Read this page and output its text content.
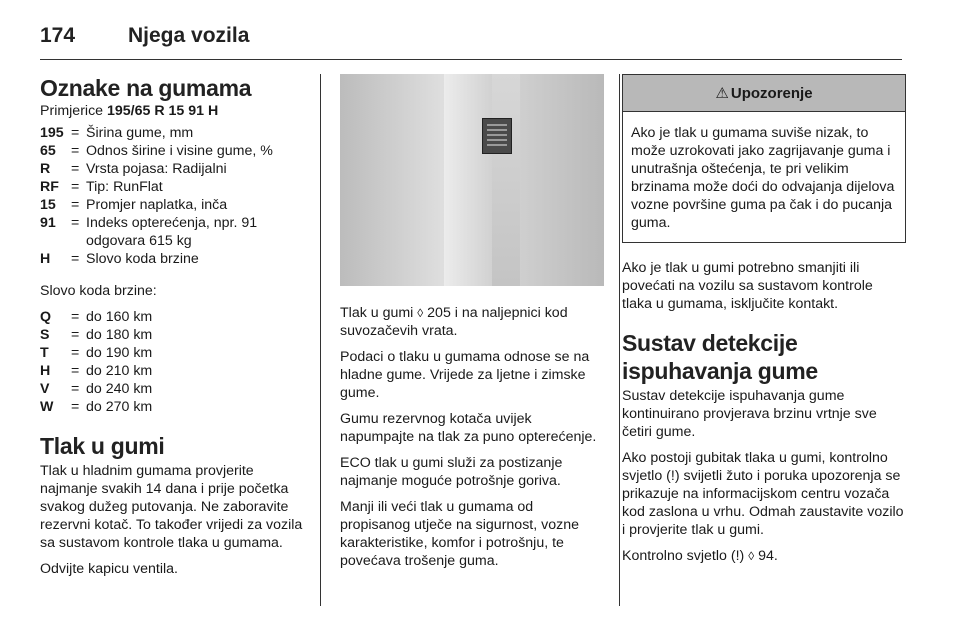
174	Njega vozila
Oznake na gumama

Primjerice 195/65 R 15 91 H

195 = Širina gume, mm
65	= Odnos širine i visine gume, %
R	= Vrsta pojasa: Radijalni
RF = Tip: RunFlat
15	= Promjer naplatka, inča
91	= Indeks opterećenja, npr. 91 odgovara 615 kg
H	= Slovo koda brzine

Slovo koda brzine:

Q	= do 160 km
S	= do 180 km
T	= do 190 km
H	= do 210 km
V	= do 240 km
W	= do 270 km
Tlak u gumi

Tlak u hladnim gumama provjerite najmanje svakih 14 dana i prije početka svakog dužeg putovanja. Ne zaboravite rezervni kotač. To također vrijedi za vozila sa sustavom kontrole tlaka u gumama.

Odvijte kapicu ventila.

Tlak u gumi ◊ 205 i na naljepnici kod suvozačevih vrata.

Podaci o tlaku u gumama odnose se na hladne gume. Vrijede za ljetne i zimske gume.

Gumu rezervnog kotača uvijek napumpajte na tlak za puno opterećenje.

ECO tlak u gumi služi za postizanje najmanje moguće potrošnje goriva.

Manji ili veći tlak u gumama od propisanog utječe na sigurnost, vozne karakteristike, komfor i potrošnju, te povećava trošenje guma.

⚠ Upozorenje
Ako je tlak u gumama suviše nizak, to može uzrokovati jako zagrijavanje guma i unutrašnja oštećenja, te pri velikim brzinama može doći do odvajanja dijelova vozne površine guma pa čak i do pucanja guma.

Ako je tlak u gumi potrebno smanjiti ili povećati na vozilu sa sustavom kontrole tlaka u gumama, isključite kontakt.

Sustav detekcije ispuhavanja gume

Sustav detekcije ispuhavanja gume kontinuirano provjerava brzinu vrtnje sve četiri gume.

Ako postoji gubitak tlaka u gumi, kontrolno svjetlo (!) svijetli žuto i poruka upozorenja se prikazuje na informacijskom centru vozača kod zaslona u vrhu. Odmah zaustavite vozilo i provjerite tlak u gumi.

Kontrolno svjetlo (!) ◊ 94.
